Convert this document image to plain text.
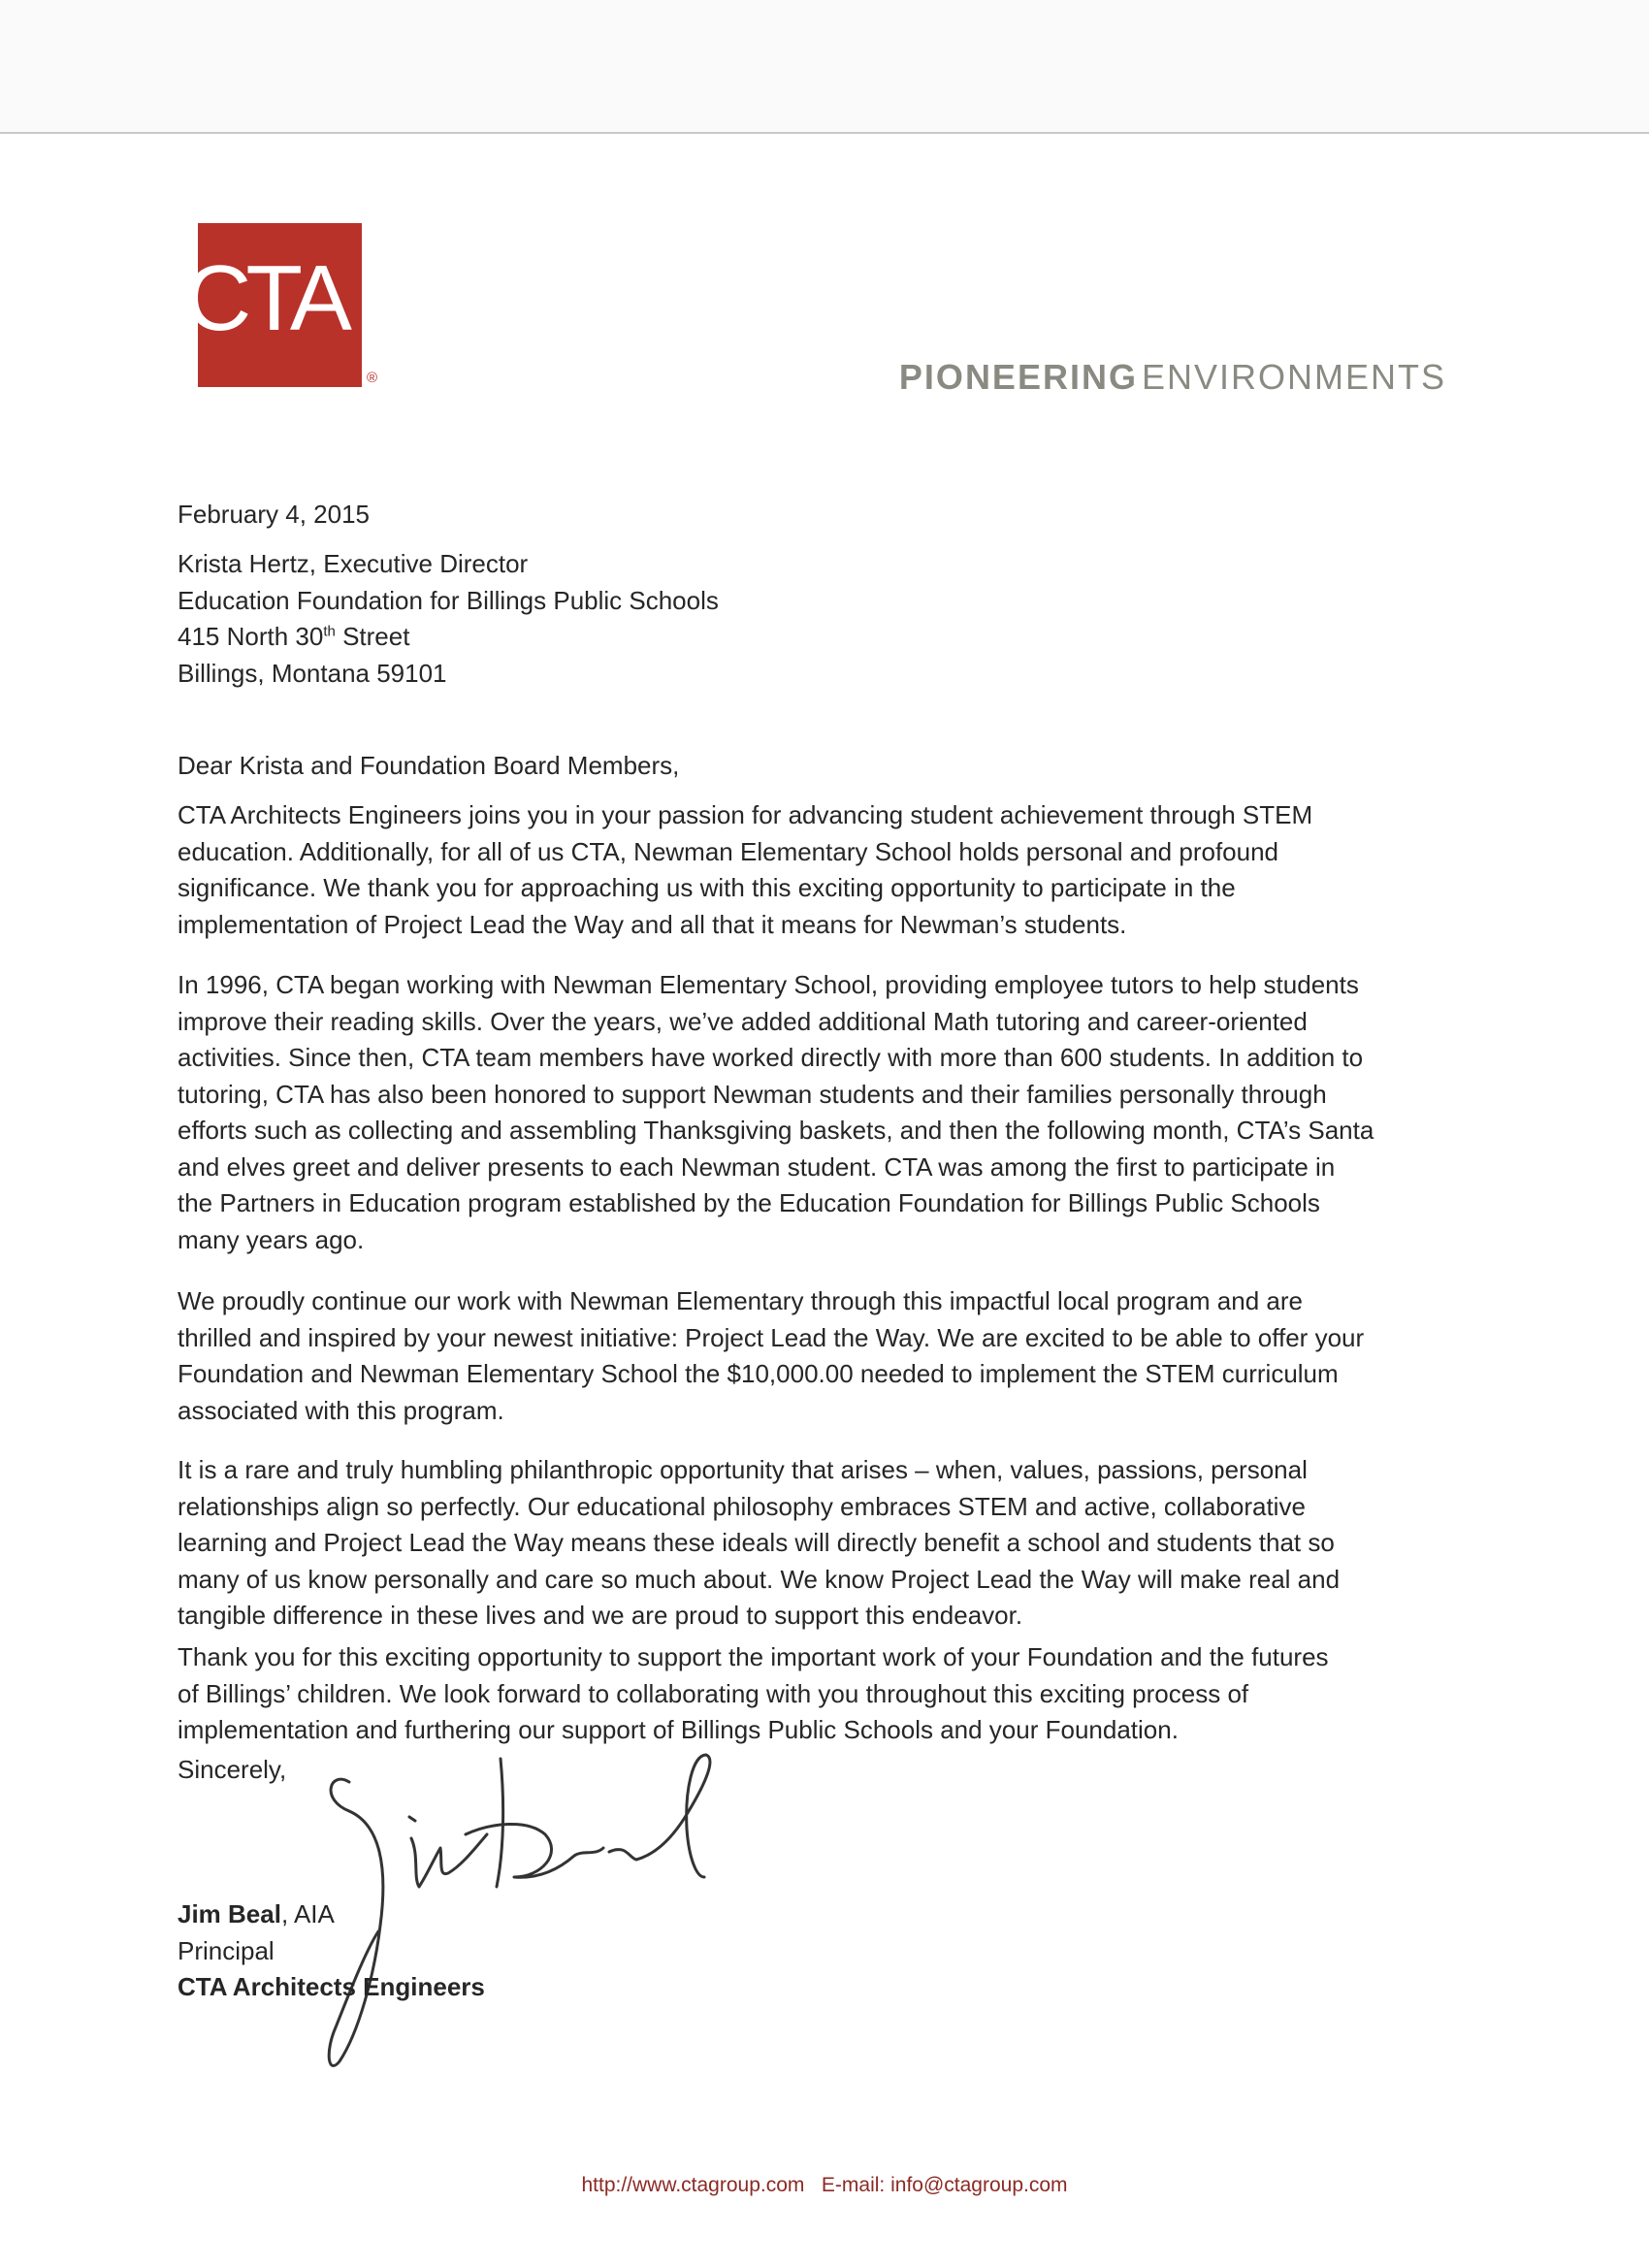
CTA
®	PIONEERING ENVIRONMENTS
February 4, 2015
Krista Hertz, Executive Director
Education Foundation for Billings Public Schools
415 North 30th Street
Billings, Montana 59101
Dear Krista and Foundation Board Members,
CTA Architects Engineers joins you in your passion for advancing student achievement through STEM
education. Additionally, for all of us CTA, Newman Elementary School holds personal and profound
significance. We thank you for approaching us with this exciting opportunity to participate in the
implementation of Project Lead the Way and all that it means for Newman’s students.
In 1996, CTA began working with Newman Elementary School, providing employee tutors to help students
improve their reading skills. Over the years, we’ve added additional Math tutoring and career-oriented
activities. Since then, CTA team members have worked directly with more than 600 students. In addition to
tutoring, CTA has also been honored to support Newman students and their families personally through
efforts such as collecting and assembling Thanksgiving baskets, and then the following month, CTA’s Santa
and elves greet and deliver presents to each Newman student. CTA was among the first to participate in
the Partners in Education program established by the Education Foundation for Billings Public Schools
many years ago.
We proudly continue our work with Newman Elementary through this impactful local program and are
thrilled and inspired by your newest initiative: Project Lead the Way. We are excited to be able to offer your
Foundation and Newman Elementary School the $10,000.00 needed to implement the STEM curriculum
associated with this program.
It is a rare and truly humbling philanthropic opportunity that arises – when, values, passions, personal
relationships align so perfectly. Our educational philosophy embraces STEM and active, collaborative
learning and Project Lead the Way means these ideals will directly benefit a school and students that so
many of us know personally and care so much about. We know Project Lead the Way will make real and
tangible difference in these lives and we are proud to support this endeavor.
Thank you for this exciting opportunity to support the important work of your Foundation and the futures
of Billings’ children. We look forward to collaborating with you throughout this exciting process of
implementation and furthering our support of Billings Public Schools and your Foundation.
Sincerely,
Jim Beal, AIA
Principal
CTA Architects Engineers
http://www.ctagroup.com E-mail: info@ctagroup.com
